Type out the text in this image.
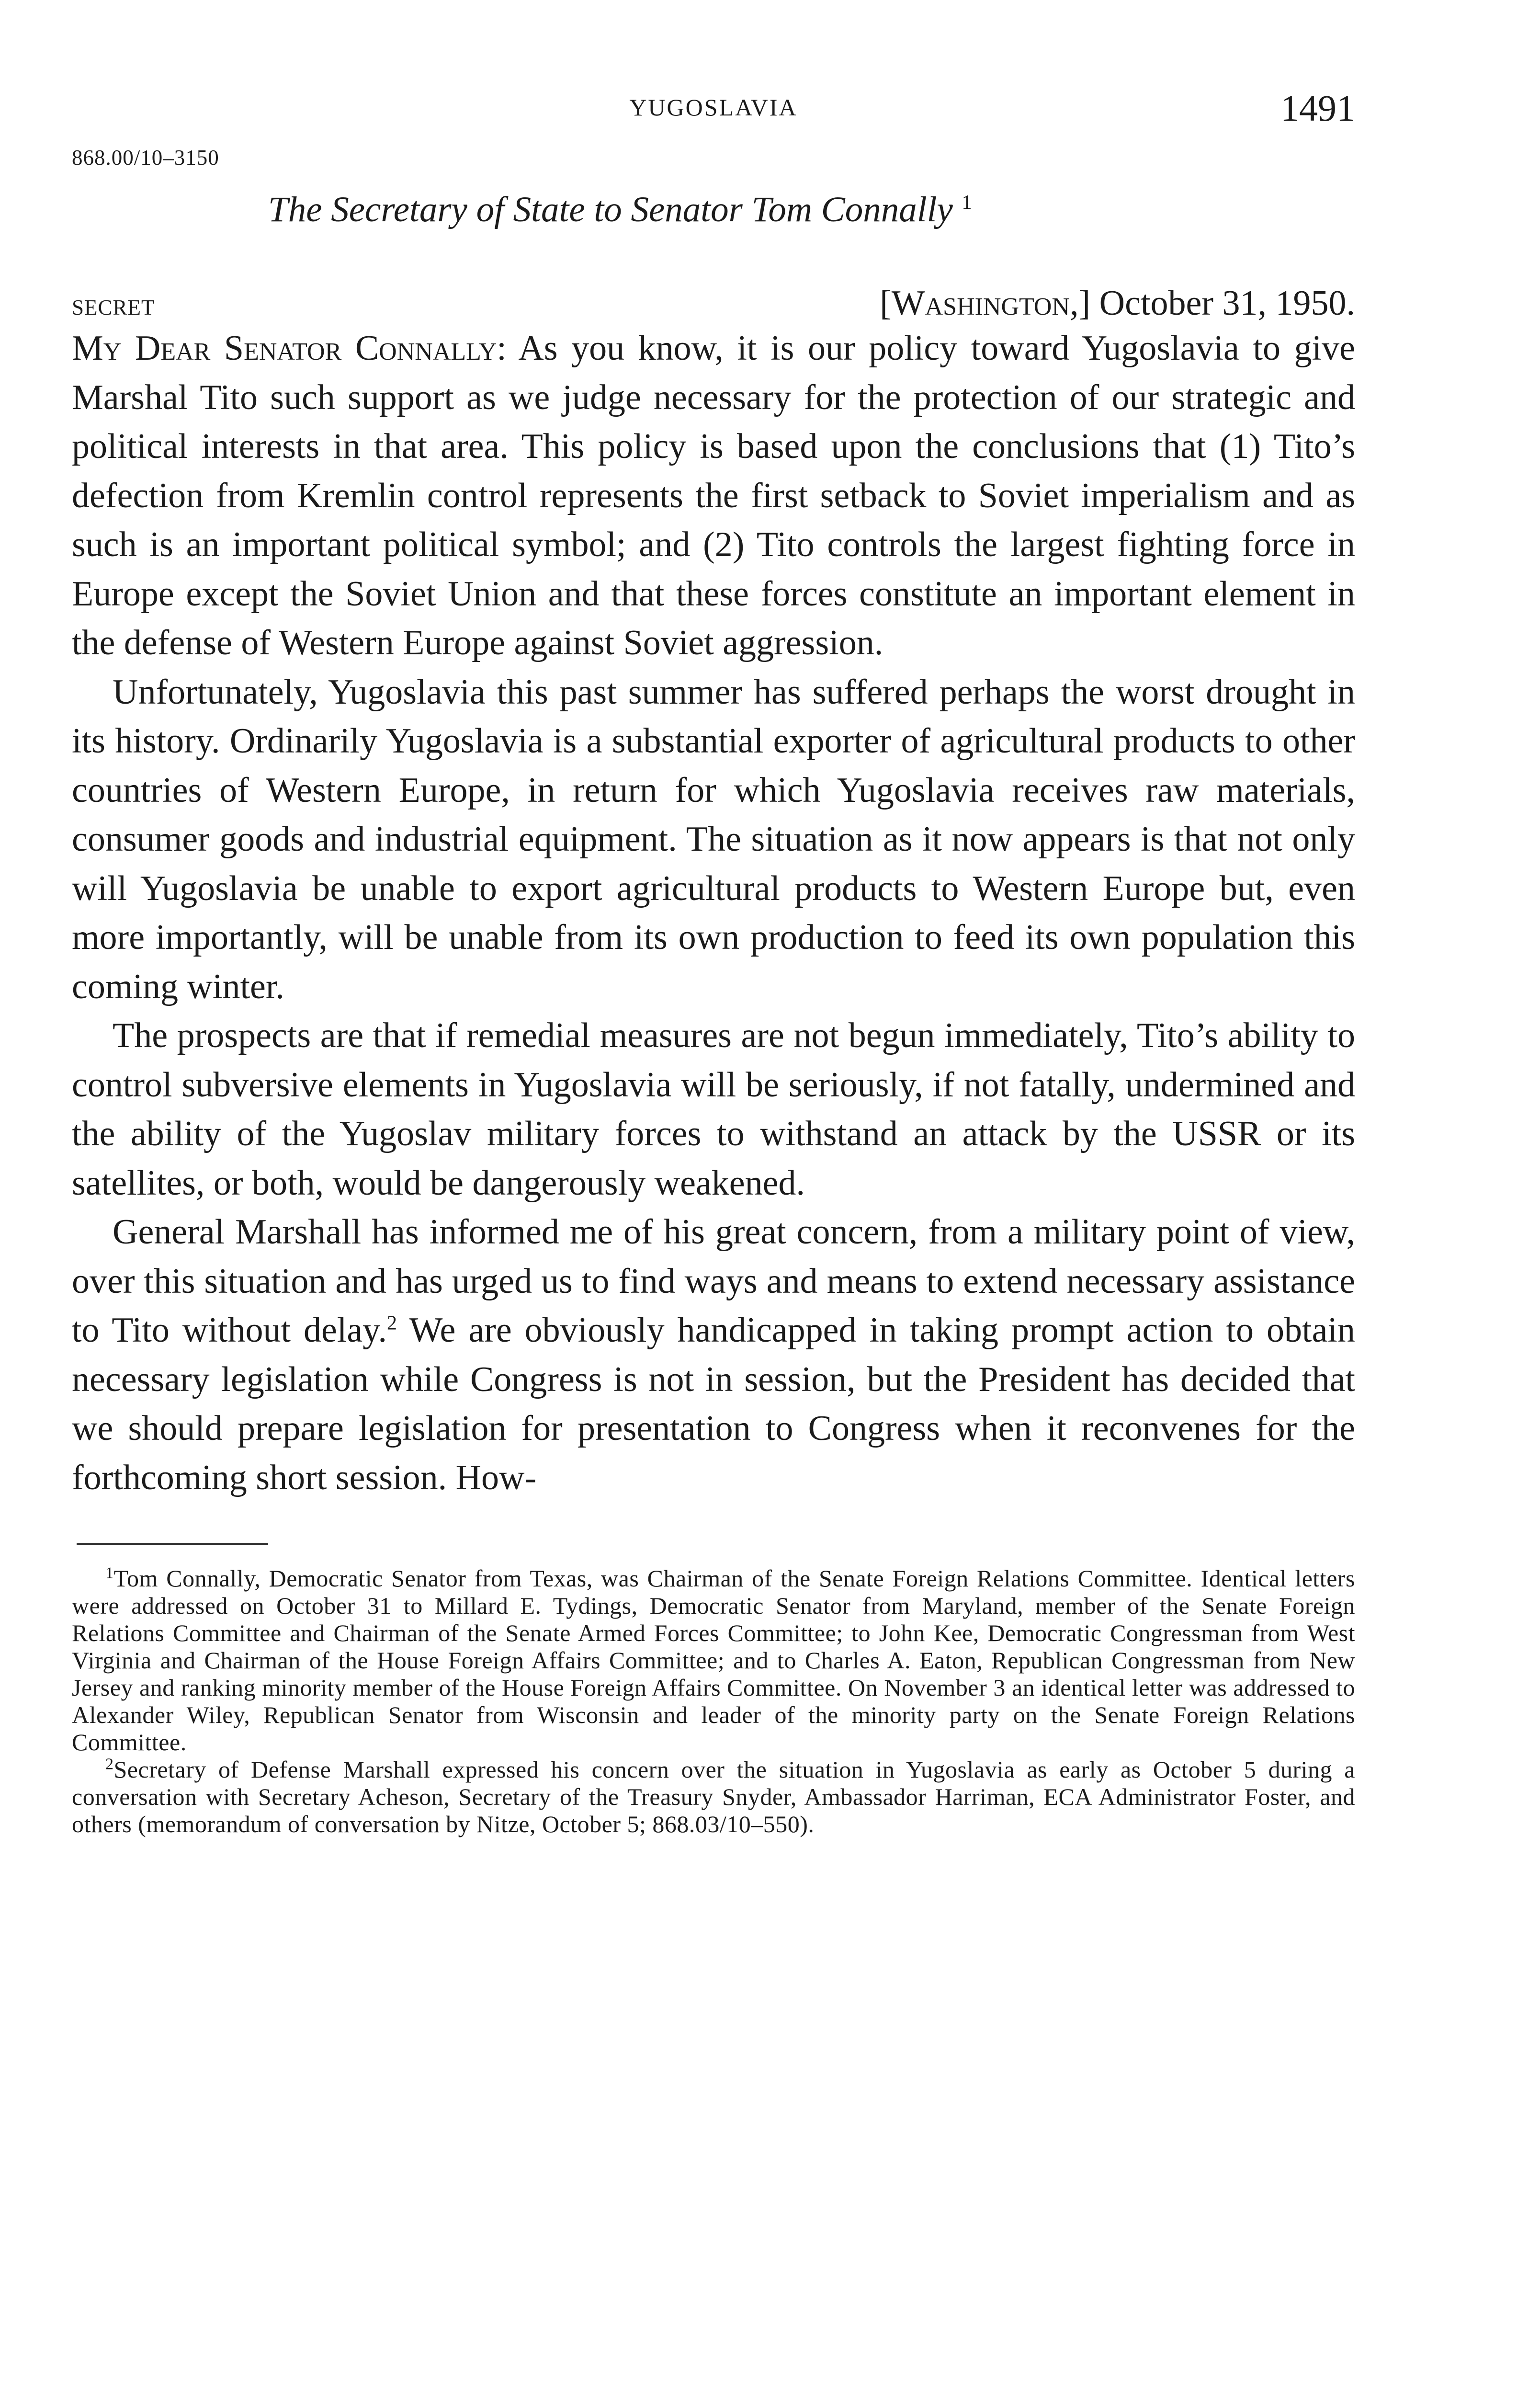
YUGOSLAVIA	1491
868.00/10–3150
The Secretary of State to Senator Tom Connally $^1$
SECRET	[Washington,] October 31, 1950.

My Dear Senator Connally: As you know, it is our policy toward Yugoslavia to give Marshal Tito such support as we judge necessary for the protection of our strategic and political interests in that area. This policy is based upon the conclusions that (1) Tito’s defection from Kremlin control represents the first setback to Soviet imperialism and as such is an important political symbol; and (2) Tito controls the largest fighting force in Europe except the Soviet Union and that these forces constitute an important element in the defense of Western Europe against Soviet aggression.

Unfortunately, Yugoslavia this past summer has suffered perhaps the worst drought in its history. Ordinarily Yugoslavia is a substantial exporter of agricultural products to other countries of Western Europe, in return for which Yugoslavia receives raw materials, consumer goods and industrial equipment. The situation as it now appears is that not only will Yugoslavia be unable to export agricultural products to Western Europe but, even more importantly, will be unable from its own production to feed its own population this coming winter.

The prospects are that if remedial measures are not begun immediately, Tito’s ability to control subversive elements in Yugoslavia will be seriously, if not fatally, undermined and the ability of the Yugoslav military forces to withstand an attack by the USSR or its satellites, or both, would be dangerously weakened.

General Marshall has informed me of his great concern, from a military point of view, over this situation and has urged us to find ways and means to extend necessary assistance to Tito without delay.$^2$ We are obviously handicapped in taking prompt action to obtain necessary legislation while Congress is not in session, but the President has decided that we should prepare legislation for presentation to Congress when it reconvenes for the forthcoming short session. How-

$^1$Tom Connally, Democratic Senator from Texas, was Chairman of the Senate Foreign Relations Committee. Identical letters were addressed on October 31 to Millard E. Tydings, Democratic Senator from Maryland, member of the Senate Foreign Relations Committee and Chairman of the Senate Armed Forces Committee; to John Kee, Democratic Congressman from West Virginia and Chairman of the House Foreign Affairs Committee; and to Charles A. Eaton, Republican Congressman from New Jersey and ranking minority member of the House Foreign Affairs Committee. On November 3 an identical letter was addressed to Alexander Wiley, Republican Senator from Wisconsin and leader of the minority party on the Senate Foreign Relations Committee.

$^2$Secretary of Defense Marshall expressed his concern over the situation in Yugoslavia as early as October 5 during a conversation with Secretary Acheson, Secretary of the Treasury Snyder, Ambassador Harriman, ECA Administrator Foster, and others (memorandum of conversation by Nitze, October 5; 868.03/10–550).
